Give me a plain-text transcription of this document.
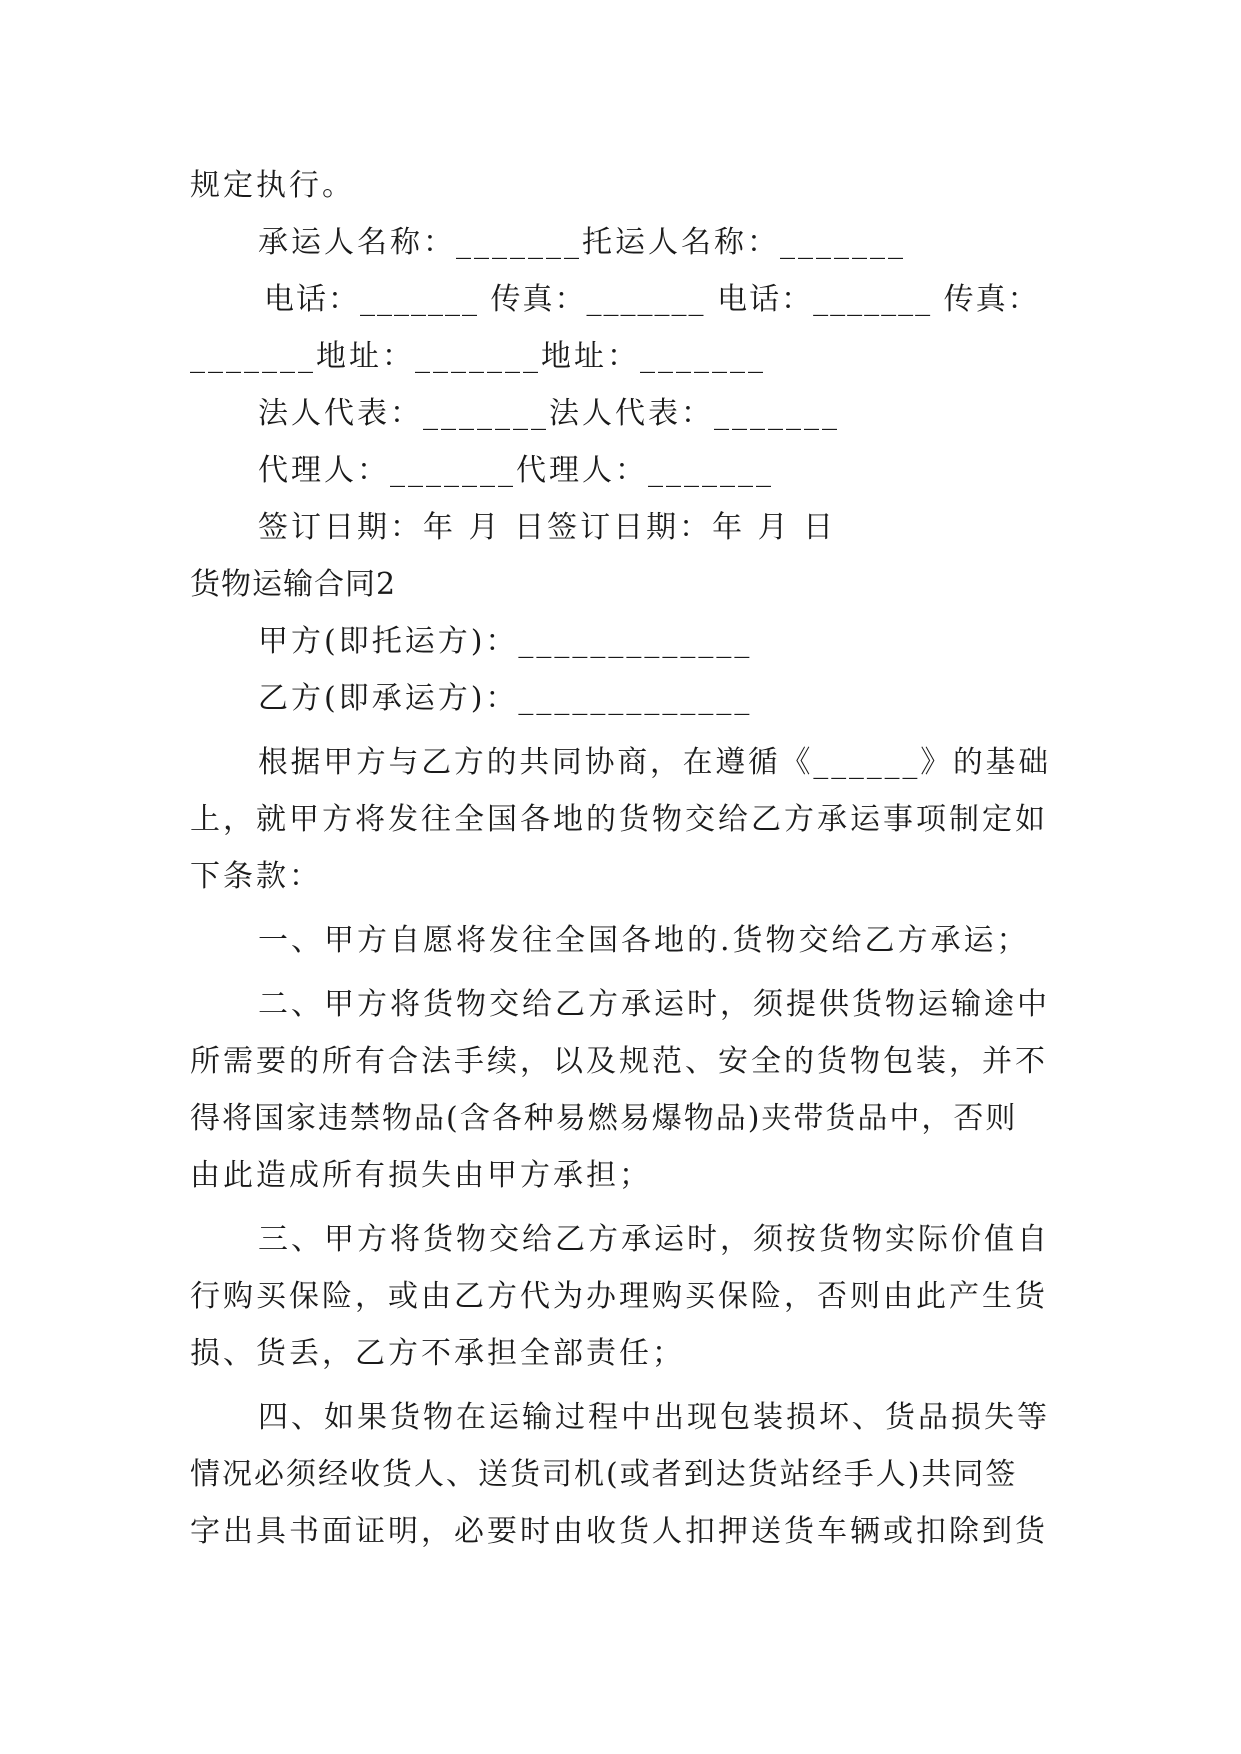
规定执行。
承运人名称：_______托运人名称：_______
电话：_______ 传真：_______ 电话：_______ 传真：
_______地址：_______地址：_______
法人代表：_______法人代表：_______
代理人：_______代理人：_______
签订日期：年 月 日签订日期：年 月 日
货物运输合同2
甲方(即托运方)：_____________
乙方(即承运方)：_____________
根据甲方与乙方的共同协商，在遵循《______》的基础
上，就甲方将发往全国各地的货物交给乙方承运事项制定如
下条款：
一、甲方自愿将发往全国各地的.货物交给乙方承运；
二、甲方将货物交给乙方承运时，须提供货物运输途中
所需要的所有合法手续，以及规范、安全的货物包装，并不
得将国家违禁物品(含各种易燃易爆物品)夹带货品中，否则
由此造成所有损失由甲方承担；
三、甲方将货物交给乙方承运时，须按货物实际价值自
行购买保险，或由乙方代为办理购买保险，否则由此产生货
损、货丢，乙方不承担全部责任；
四、如果货物在运输过程中出现包装损坏、货品损失等
情况必须经收货人、送货司机(或者到达货站经手人)共同签
字出具书面证明，必要时由收货人扣押送货车辆或扣除到货
